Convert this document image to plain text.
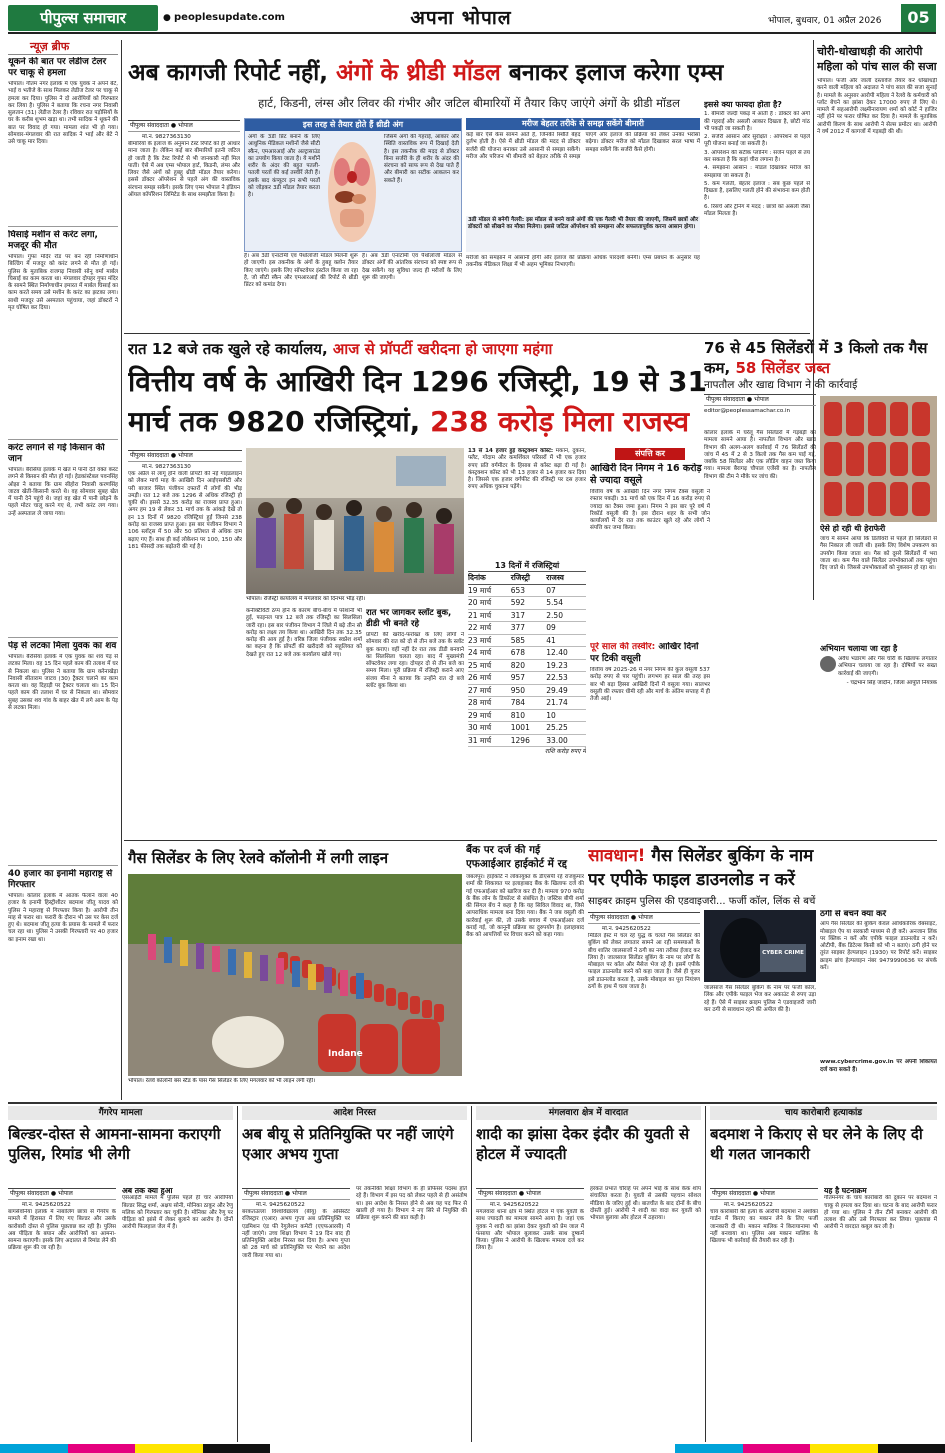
पीपुल्स समाचार	● peoplesupdate.com	अपना भोपाल	भोपाल, बुधवार, 01 अप्रैल 2026	05
न्यूज़ ब्रीफ
थूकने की बात पर लेडीज टेलर पर चाकू से हमला
भोपाल। गौतम नगर इलाके में एक युवक ने अपने बेटे, भाई व भतीजे के साथ मिलकर लेडीज टेलर पर चाकू से हमला कर दिया। पुलिस ने दो आरोपियों को गिरफ्तार कर लिया है। पुलिस ने बताया कि रचना नगर निवासी सुलतान (31) लेडीज टेलर है। रविवार रात पड़ोसियों के घर के करीब शुभम खड़ा था। तभी सादिक ने थूकने की बात पर विवाद हो गया। मामला शांत भी हो गया। सोमवार-मंगलवार की रात सादिक ने भाई और बेटे ने उसे चाकू मार दिया।
घिसाई मशीन से करंट लगा, मजदूर की मौत
भोपाल। गुफा मंदिर रोड पर बन रही निर्माणाधीन बिल्डिंग में मजदूर को करंट लगने से मौत हो गई। पुलिस के मुताबिक राजगढ़ निवासी सोनू वर्मा मार्बल घिसाई का काम करता था। मंगलवार दोपहर गुफा मंदिर के सामने स्थित निर्माणाधीन इमारत में मार्बल घिसाई का काम करते समय उसे मशीन के करंट का झटका लगा। साथी मजदूर उसे अस्पताल पहुंचाया, जहां डॉक्टरों ने मृत घोषित कर दिया।
करंट लगाने से गई किसान की जान
भोपाल। बैरसिया इलाके में खेत में पानी देते वक्त करंट लगने से किसान की मौत हो गई। हेडकांस्टेबल पवनसिंह ओझा ने बताया कि ग्राम सीहोरा निवासी करणसिंह जाटव खेती-किसानी करते थे। वह सोमवार सुबह खेत में पानी देने पहुंचे थे। जहां वह खेत में पानी छोड़ने के पहले मोटर चालू करने गए थे, तभी करंट लग गया। उन्हें अस्पताल ले जाया गया।
पेड़ से लटका मिला युवक का शव
भोपाल। बैरसिया इलाके में एक युवक का शव पेड़ से लटका मिला। वह 15 दिन पहले काम की तलाश में घर से निकला था। पुलिस ने बताया कि ग्राम करेनाखेड़ा निवासी सीताराम जाटव (30) ट्रैक्टर चलाने का काम करता था। वह दिहाड़ी पर ट्रैक्टर चलाता था। 15 दिन पहले काम की तलाश में घर से निकला था। सोमवार सुबह उसका शव गांव के बाहर खेत में लगे आम के पेड़ से लटका मिला।
40 हजार का इनामी महाराष्ट्र से गिरफ्तार
भोपाल। कोलार इलाके में आतंक फैलाने वाला 40 हजार के इनामी हिस्ट्रीशीटर बदमाश जीतू यादव को पुलिस ने महाराष्ट्र से गिरफ्तार किया है। आरोपी तीन माह से फरार था। फरारी के दौरान भी उस पर केस दर्ज हुए थे। बदमाश जीतू हत्या के प्रयास के मामले में फरार चल रहा था। पुलिस ने उसकी गिरफ्तारी पर 40 हजार का इनाम रखा था।
अब कागजी रिपोर्ट नहीं, अंगों के थ्रीडी मॉडल बनाकर इलाज करेगा एम्स
हार्ट, किडनी, लंग्स और लिवर की गंभीर और जटिल बीमारियों में तैयार किए जाएंगे अंगों के थ्रीडी मॉडल
पीपुल्स संवाददाता ● भोपाल
मो.न. 9827363130
बीमारियों के इलाज के अनुमान टेस्ट रिपोर्ट को ही आधार माना जाता है। लेकिन कई बार बीमारियों इतनी जटिल हो जाती है कि टेस्ट रिपोर्ट से भी जानकारी नहीं मिल पाती। ऐसे में अब एम्स भोपाल हार्ट, किडनी, लंग्स और लिवर जैसे अंगों को हुबहू थ्रीडी मॉडल तैयार करेगा। इससे डॉक्टर ऑपरेशन से पहले अंग की वास्तविक संरचना समझ सकेंगे। इसके लिए एम्स भोपाल ने इंडियन ऑयल कॉर्पोरेशन लिमिटेड के साथ समझौता किया है।
है। अब 3डी एनाटॉमी एवं पैथोलॉजी मॉडल मिलनी शुरू हो जाएगी। इस तकनीक के अंगों के हुबहू क्लोन तैयार किए जाएंगे। इसके लिए सॉफ्टवेयर इंस्टॉल किया जा रहा है, जो सीटी स्कैन और एमआरआई की रिपोर्ट से थ्रीडी प्रिंटर को कमांड देगा।
इस तरह से तैयार होते हैं थ्रीडी अंग
अंगों के 3डी प्रिंट बनाने के लिए आधुनिक मेडिकल मशीनों जैसे सीटी स्कैन, एमआरआई और अल्ट्रासाउंड का उपयोग किया जाता है। ये मशीनें शरीर के अंदर की बहुत पतली-पतली परतों की कई तस्वीरें लेती हैं। इसके बाद कंप्यूटर इन सभी परतों को जोड़कर 3डी मॉडल तैयार करता है।
जिसमें अंगों की गहराई, आकार और स्थिति वास्तविक रूप में दिखाई देती है। इस तकनीक की मदद से डॉक्टर बिना सर्जरी के ही शरीर के अंदर की संरचना को साफ रूप से देख पाते हैं और बीमारी का सटीक आकलन कर सकते हैं।
हैं। अब 3डी एनाटॉमी एवं पैथोलॉजी मॉडल से डॉक्टर अंगों की आंतरिक संरचना को स्पष्ट रूप से देख सकेंगे। यह सुविधा जल्द ही मरीजों के लिए शुरू की जाएगी।
मरीज बेहतर तरीके से समझ सकेंगे बीमारी
कई बार ऐसे केस सामने आते हैं, जिनकी स्थिति बेहद दुर्लभ होती है। ऐसे में थ्रीडी मॉडल की मदद से डॉक्टर सर्जरी की योजना बनाकर उसे आसानी से समझा सकेंगे। मरीज और परिजन भी बीमारी को बेहतर तरीके से समझ पाएंगे और इलाज की प्रक्रिया को लेकर उनका भरोसा बढ़ेगा। डॉक्टर मरीज को मॉडल दिखाकर सरल भाषा में समझा सकेंगे कि सर्जरी कैसे होगी।
3डी मॉडल से बनेगी गैलरी: इस मॉडल से बनने वाले अंगों की एक गैलरी भी तैयार की जाएगी, जिसमें छात्रों और डॉक्टरों को सीखने का मौका मिलेगा। इससे जटिल ऑपरेशन को समझना और सफलतापूर्वक करना आसान होगा।
मरीजों को समझाने में आसानी होगी और इलाज की प्रक्रिया अधिक पारदर्शी बनेगी। एम्स प्रबंधन के अनुसार यह तकनीक मेडिकल शिक्षा में भी अहम भूमिका निभाएगी।
इससे क्या फायदा होता है?
1. बीमारी जल्दी पकड़ में आती है : डॉक्टर को अंगों की गहराई और असली आकार दिखता है, छोटी गांठ भी पकड़ी जा सकती है।
2. सर्जरी आसान और सुरक्षित : ऑपरेशन से पहले पूरी योजना बनाई जा सकती है।
3. ऑपरेशन की सटीक प्लानिंग : सर्जन पहले से तय कर सकता है कि कहां चीरा लगाना है।
4. समझाना आसान : मॉडल दिखाकर मरीज को समझाया जा सकता है।
5. कम गलती, बेहतर इलाज : सब कुछ पहले से दिखता है, इसलिए गलती होने की संभावना कम होती है।
6. रिसर्च और ट्रेनिंग में मदद : छात्रों को असली जैसा मॉडल मिलता है।
चोरी-धोखाधड़ी की आरोपी महिला को पांच साल की सजा
भोपाल। फर्जी और जाली दस्तावेज तैयार कर धोखाधड़ी करने वाली महिला को अदालत ने पांच साल की सजा सुनाई है। मामले के अनुसार आरोपी महिला ने रेलवे के कर्मचारी को प्लॉट बेचने का झांसा देकर 17000 रुपए ले लिए थे। मामले में सहआरोपी लक्ष्मीनारायण शर्मा को कोर्ट ने हाजिर नहीं होने पर फरार घोषित कर दिया है। मामले के मुताबिक आरोपी किरण के साथ आरोपी ने सेल्स प्रमोटर था। आरोपी ने वर्ष 2012 में कागजों में गड़बड़ी की थी।
रात 12 बजे तक खुले रहे कार्यालय, आज से प्रॉपर्टी खरीदना हो जाएगा महंगा
वित्तीय वर्ष के आखिरी दिन 1296 रजिस्ट्री, 19 से 31
मार्च तक 9820 रजिस्ट्रियां, 238 करोड़ मिला राजस्व
पीपुल्स संवाददाता ● भोपाल
मो.न. 9827363130
एक अप्रैल से लागू होने वाली प्रॉपर्टी की नई गाइडलाइन को लेकर मार्च माह के आखिरी दिन आईएसबीटी और परी बाजार स्थित पंजीयन दफ्तरों में लोगों की भीड़ उमड़ी। रात 12 बजे तक 1296 से अधिक रजिस्ट्री हो चुकी थी। इससे 32.35 करोड़ का राजस्व प्राप्त हुआ। अगर हम 19 से लेकर 31 मार्च तक के आंकड़े देखें तो इन 13 दिनों में 9820 रजिस्ट्रियां हुईं जिनसे 238 करोड़ का राजस्व प्राप्त हुआ। इस बार पंजीयन विभाग ने 106 स्लॉट्स में 50 और 50 प्रतिशत से अधिक दाम बढ़ाए गए हैं। साथ ही कई लोकेशन पर 100, 150 और 181 फीसदी तक बढ़ोतरी की गई है।
भोपाल। रजिस्ट्री कार्यालय में मंगलवार को दिनभर भीड़ रही।
कनेक्टिविटी ठप्प होने के कारण बीच-बीच में परेशानी भी हुई, फाइनल पात्र 12 बजे तक रजिस्ट्री का सिलसिला जारी रहा। इस बार पंजीयन विभाग ने जिले में बढ़े तीन सौ करोड़ का लक्ष्य तय किया था। आखिरी दिन तक 32.35 करोड़ की आय हुई है। वरिष्ठ जिला पंजीयक स्वप्नेश शर्मा का कहना है कि प्रॉपर्टी की खरीदारी को सहूलियत को देखते हुए रात 12 बजे तक कार्यालय खोले गए।
रात भर जागकर स्लॉट बुक, डीडी भी बनते रहे
प्रॉपर्टी की खरीद-फरोख्त के लिए लोगों ने सोमवार की रात को दो से तीन बजे तक के स्लॉट बुक कराए। वहीं नहीं देर रात तक डीडी बनवाने का सिलसिला चलता रहा। बाद में मुख्यमंत्री सॉफ्टवेयर लगा रहा। दोपहर दो से तीन बजे का समय मिला। पूरी प्रक्रिया में रजिस्ट्री कराने आए संजय मीना ने बताया कि उन्होंने रात दो बजे स्लॉट बुक किया था।
13 से 14 हजार हुई कंस्ट्रक्शन कॉस्ट: मकान, दुकान, फ्लैट, गोदाम और कमर्शियल परिसरों में भी एक हजार रुपए प्रति वर्गमीटर के हिसाब से कॉस्ट बढ़ा दी गई है। कंस्ट्रक्शन कॉस्ट को भी 13 हजार से 14 हजार कर दिया है। जिससे एक हजार वर्गफीट की रजिस्ट्री पर दस हजार रुपए अधिक चुकाना पड़ेंगे।
13 दिनों में रजिस्ट्रियां
दिनांक	रजिस्ट्री	राजस्व
19 मार्च	653	07
20 मार्च	592	5.54
21 मार्च	317	2.50
22 मार्च	377	09
23 मार्च	585	41
24 मार्च	678	12.40
25 मार्च	820	19.23
26 मार्च	957	22.53
27 मार्च	950	29.49
28 मार्च	784	21.74
29 मार्च	810	10
30 मार्च	1001	25.25
31 मार्च	1296	33.00
राशि करोड़ रुपए में
संपत्ति कर
आखिरी दिन निगम ने 16 करोड़ से ज्यादा वसूले
वित्तीय वर्ष के आखिरी दिन नगर निगम टैक्स वसूली ने रफ्तार पकड़ी। 31 मार्च को एक दिन में 16 करोड़ रुपए से ज्यादा का टैक्स जमा हुआ। निगम ने इस बार पूरे वर्ष में रिकॉर्ड वसूली की है। इस दौरान शहर के सभी जोन कार्यालयों में देर रात तक काउंटर खुले रहे और लोगों ने संपत्ति कर जमा किया।
पूरे साल की तस्वीर: आखिर दिनों पर टिकी वसूली
वित्तीय वर्ष 2025-26 में नगर निगम की कुल वसूली 537 करोड़ रुपए से पार पहुंची। लगभग हर साल की तरह इस बार भी बड़ा हिस्सा आखिरी दिनों में वसूला गया। सालभर वसूली की रफ्तार धीमी रही और मार्च के अंतिम सप्ताह में ही तेजी आई।
76 से 45 सिलेंडरों में 3 किलो तक गैस कम, 58 सिलेंडर जब्त
नापतौल और खाद्य विभाग ने की कार्रवाई
पीपुल्स संवाददाता ● भोपाल
editor@peoplessamachar.co.in
कोलार इलाके में घरेलू गैस सिलेंडरों में गड़बड़ी का मामला सामने आया है। नापतौल विभाग और खाद्य विभाग की अलग-अलग कार्रवाई में 76 सिलेंडरों की जांच में 45 में 2 से 3 किलो तक गैस कम पाई गई, जबकि 58 सिलेंडर और एक लोडिंग वाहन जब्त किया गया। मामला बैरागढ़ चौपाल एजेंसी का है। नापतौल विभाग की टीम ने मौके पर जांच की।
ऐसे हो रही थी हेराफेरी
जांच में सामने आया कि डिलीवरी से पहले ही सिलेंडरों से गैस निकाल ली जाती थी। इसके लिए विशेष उपकरण का उपयोग किया जाता था। गैस को दूसरे सिलेंडरों में भरा जाता था। कम गैस वाले सिलेंडर उपभोक्ताओं तक पहुंचा दिए जाते थे। जिससे उपभोक्ताओं को नुकसान हो रहा था।
अभियान चलाया जा रहा है
अवैध भंडारण और गैस चोरी के खिलाफ लगातार अभियान चलाया जा रहा है। दोषियों पर सख्त कार्रवाई की जाएगी।
- चंद्रभान सिंह जादौन, जिला आपूर्ति नियंत्रक
गैस सिलेंडर के लिए रेलवे कॉलोनी में लगी लाइन
Indane
भोपाल। रेलवे कॉलोनी बस स्टैंड के पास गैस सिलेंडर के लिए मंगलवार को भी लाइन लगी रही।
बैंक पर दर्ज की गई एफआईआर हाईकोर्ट में रद्द
जबलपुर। हाईकोर्ट ने लोकायुक्त के डीएसपी रहे राजकुमार शर्मा की शिकायत पर इलाहाबाद बैंक के खिलाफ दर्ज की गई एफआईआर को खारिज कर दी है। मामला 970 करोड़ के बैंक लोन के डिफॉल्ट से संबंधित है। जस्टिस बीपी शर्मा की सिंगल बेंच ने कहा है कि यह सिविल विवाद था, जिसे आपराधिक मामला बना दिया गया। बैंक ने जब वसूली की कार्रवाई शुरू की, तो उसके बचाव में एफआईआर दर्ज कराई गई, जो कानूनी प्रक्रिया का दुरुपयोग है। इलाहाबाद बैंक को आपत्तियों पर विचार करने को कहा गया।
सावधान! गैस सिलेंडर बुकिंग के नाम
पर एपीके फाइल डाउनलोड न करें
साइबर क्राइम पुलिस की एडवाइजरी... फर्जी कॉल, लिंक से बचें
पीपुल्स संवाददाता ● भोपाल
मो.न. 9425620522
मिडिल ईस्ट में चल रहे युद्ध के चलते गैस सिलेंडर की बुकिंग को लेकर लगातार सामने आ रही समस्याओं के बीच शातिर जालसाजों ने ठगी का नया तरीका ईजाद कर लिया है। जालसाज सिलेंडर बुकिंग के नाम पर लोगों के मोबाइल पर कॉल और मैसेज भेज रहे हैं। इसमें एपीके फाइल डाउनलोड करने को कहा जाता है। जैसे ही यूजर इसे डाउनलोड करता है, उसके मोबाइल का पूरा नियंत्रण ठगों के हाथ में चला जाता है।
CYBER CRIME
जालसाज गैस सिलेंडर बुकिंग के नाम पर फर्जी कॉल, लिंक और एपीके फाइल भेज कर अकाउंट से रुपए उड़ा रहे हैं। ऐसे में साइबर क्राइम पुलिस ने एडवाइजरी जारी कर ठगी से सावधान रहने की अपील की है।
ठगी से बचने क्या करें
आप गैस सिलेंडर की बुकिंग केवल आधिकारिक वेबसाइट, मोबाइल ऐप या सरकारी माध्यम से ही करें। अनजान लिंक पर क्लिक न करें और एपीके फाइल डाउनलोड न करें। ओटीपी, बैंक डिटेल्स किसी को भी न बताएं। ठगी होने पर तुरंत साइबर हेल्पलाइन (1930) पर रिपोर्ट करें। साइबर क्राइम ब्रांच हेल्पलाइन नंबर 9479990636 पर संपर्क करें।
www.cybercrime.gov.in पर अपनी शिकायत दर्ज करा सकते हैं।
गैंगरेप मामला
बिल्डर-दोस्त से आमना-सामना कराएगी पुलिस, रिमांड भी लेगी
पीपुल्स संवाददाता ● भोपाल
मो.न. 9425620522
बागसेवनिया इलाके में नाबालिग छात्रा से गैंगरेप के मामले में हिरासत में लिए गए बिल्डर और उसके कारोबारी दोस्त से पुलिस पूछताछ कर रही है। पुलिस अब पीड़िता के बयान और आरोपियों का आमना-सामना कराएगी। इसके लिए अदालत से रिमांड लेने की प्रक्रिया शुरू की जा रही है।
अब तक क्या हुआ
एसआईटी मामले में पुलिस पहले ही चार आरोपियों बिल्डर सिद्ध शर्मा, अक्षय सोनी, मोनिका ठाकुर और रेणु मलिक को गिरफ्तार कर चुकी है। मोनिका और रेणु पर पीड़िता को झांसे में लेकर बुलाने का आरोप है। दोनों आरोपी फिलहाल जेल में हैं।
आदेश निरस्त
अब बीयू से प्रतिनियुक्ति पर नहीं जाएंगे एआर अभय गुप्ता
पीपुल्स संवाददाता ● भोपाल
मो.न. 9425620522
बरकतउल्ला विश्वविद्यालय (बीयू) के असिस्टेंट रजिस्ट्रार (एआर) अभय गुप्ता अब प्रतिनियुक्ति पर एडमिशन एंड फी रेगुलेशन कमेटी (एएफआरसी) में नहीं जाएंगे। उच्च शिक्षा विभाग ने 19 दिन बाद ही प्रतिनियुक्ति आदेश निरस्त कर दिया है। अभय गुप्ता को 28 मार्च को प्रतिनियुक्ति पर भेजने का आदेश जारी किया गया था।
पर तकनीकी शिक्षा विभाग के ही प्रोफेसर पदस्थ होते रहे हैं। विभाग में इस पद को लेकर पहले से ही असंतोष था। इस आदेश के निरस्त होने से अब यह पद फिर से खाली हो गया है। विभाग ने नए सिरे से नियुक्ति की प्रक्रिया शुरू करने की बात कही है।
मंगलवारा क्षेत्र में वारदात
शादी का झांसा देकर इंदौर की युवती से होटल में ज्यादती
पीपुल्स संवाददाता ● भोपाल
मो.न. 9425620522
मंगलवारा थाना क्षेत्र में स्थित होटल में एक युवती के साथ ज्यादती का मामला सामने आया है। जहां एक युवक ने शादी का झांसा देकर युवती को प्रेम जाल में फंसाया और भोपाल बुलाकर उसके साथ दुष्कर्म किया। पुलिस ने आरोपी के खिलाफ मामला दर्ज कर लिया है।
हरकत प्रभात चौराहे पर अपने भाई के साथ केक शॉप संचालित करता है। युवती से उसकी पहचान सोशल मीडिया के जरिए हुई थी। बातचीत के बाद दोनों के बीच दोस्ती हुई। आरोपी ने शादी का वादा कर युवती को भोपाल बुलाया और होटल में ठहराया।
चाय कारोबारी हत्याकांड
बदमाश ने किराए से घर लेने के लिए दी थी गलत जानकारी
पीपुल्स संवाददाता ● भोपाल
मो.न. 9425620522
चाय कारोबारी की हत्या के आरोपी बदमाश ने अशोका गार्डन में किराए का मकान लेने के लिए फर्जी जानकारी दी थी। मकान मालिक ने किरायानामा भी नहीं बनवाया था। पुलिस अब मकान मालिक के खिलाफ भी कार्रवाई की तैयारी कर रही है।
यह है घटनाक्रम
गौतमनगर के चाय कारोबारी की दुकान पर बदमाश ने चाकू से हमला कर दिया था। घटना के बाद आरोपी फरार हो गया था। पुलिस ने तीन टीमें बनाकर आरोपी की तलाश की और उसे गिरफ्तार कर लिया। पूछताछ में आरोपी ने वारदात कबूल कर ली है।
